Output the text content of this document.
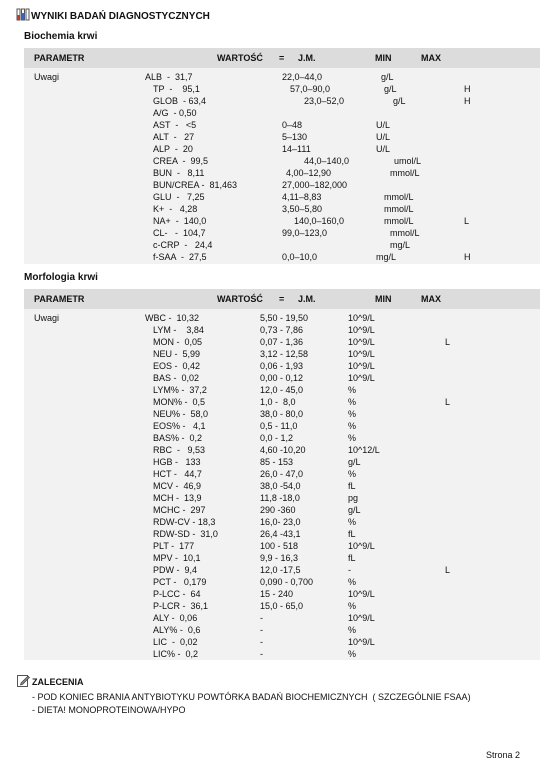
WYNIKI BADAŃ DIAGNOSTYCZNYCH
Biochemia krwi
PARAMETR	WARTOŚĆ = J.M.	MIN	MAX
Uwagi	ALB  -  31,7	22,0–44,0	g/L
TP  -    95,1	57,0–90,0	g/L	H
GLOB  - 63,4	23,0–52,0	g/L	H
A/G  - 0,50
AST  -   <5	0–48	U/L
ALT  -   27	5–130	U/L
ALP  -  20	14–111	U/L
CREA  -  99,5	44,0–140,0	umol/L
BUN  -   8,11	4,00–12,90	mmol/L
BUN/CREA -  81,463	27,000–182,000
GLU  -   7,25	4,11–8,83	mmol/L
K+  -   4,28	3,50–5,80	mmol/L
NA+  -  140,0	140,0–160,0	mmol/L	L
CL-   -  104,7	99,0–123,0	mmol/L
c-CRP  -   24,4	mg/L
f-SAA  -  27,5	0,0–10,0	mg/L	H
Morfologia krwi
PARAMETR	WARTOŚĆ = J.M.	MIN	MAX
Uwagi	WBC -  10,32	5,50 - 19,50	10^9/L
LYM -    3,84	0,73 - 7,86	10^9/L
MON -  0,05	0,07 - 1,36	10^9/L	L
NEU -  5,99	3,12 - 12,58	10^9/L
EOS -  0,42	0,06 - 1,93	10^9/L
BAS -  0,02	0,00 - 0,12	10^9/L
LYM% -  37,2	12,0 - 45,0	%
MON% -  0,5	1,0 -  8,0	%	L
NEU% -  58,0	38,0 - 80,0	%
EOS% -   4,1	0,5 - 11,0	%
BAS% -  0,2	0,0 - 1,2	%
RBC  -   9,53	4,60 -10,20	10^12/L
HGB -   133	85 - 153	g/L
HCT -   44,7	26,0 - 47,0	%
MCV -  46,9	38,0 -54,0	fL
MCH -  13,9	11,8 -18,0	pg
MCHC -  297	290 -360	g/L
RDW-CV - 18,3	16,0- 23,0	%
RDW-SD -  31,0	26,4 -43,1	fL
PLT -  177	100 - 518	10^9/L
MPV -  10,1	9,9 - 16,3	fL
PDW -  9,4	12,0 -17,5	-	L
PCT -   0,179	0,090 - 0,700	%
P-LCC -  64	15 - 240	10^9/L
P-LCR -  36,1	15,0 - 65,0	%
ALY -  0,06	-	10^9/L
ALY% -  0,6	-	%
LIC  -  0,02	-	10^9/L
LIC% -  0,2	-	%
ZALECENIA
- POD KONIEC BRANIA ANTYBIOTYKU POWTÓRKA BADAŃ BIOCHEMICZNYCH  ( SZCZEGÓLNIE FSAA)
- DIETA! MONOPROTEINOWA/HYPO
Strona 2
